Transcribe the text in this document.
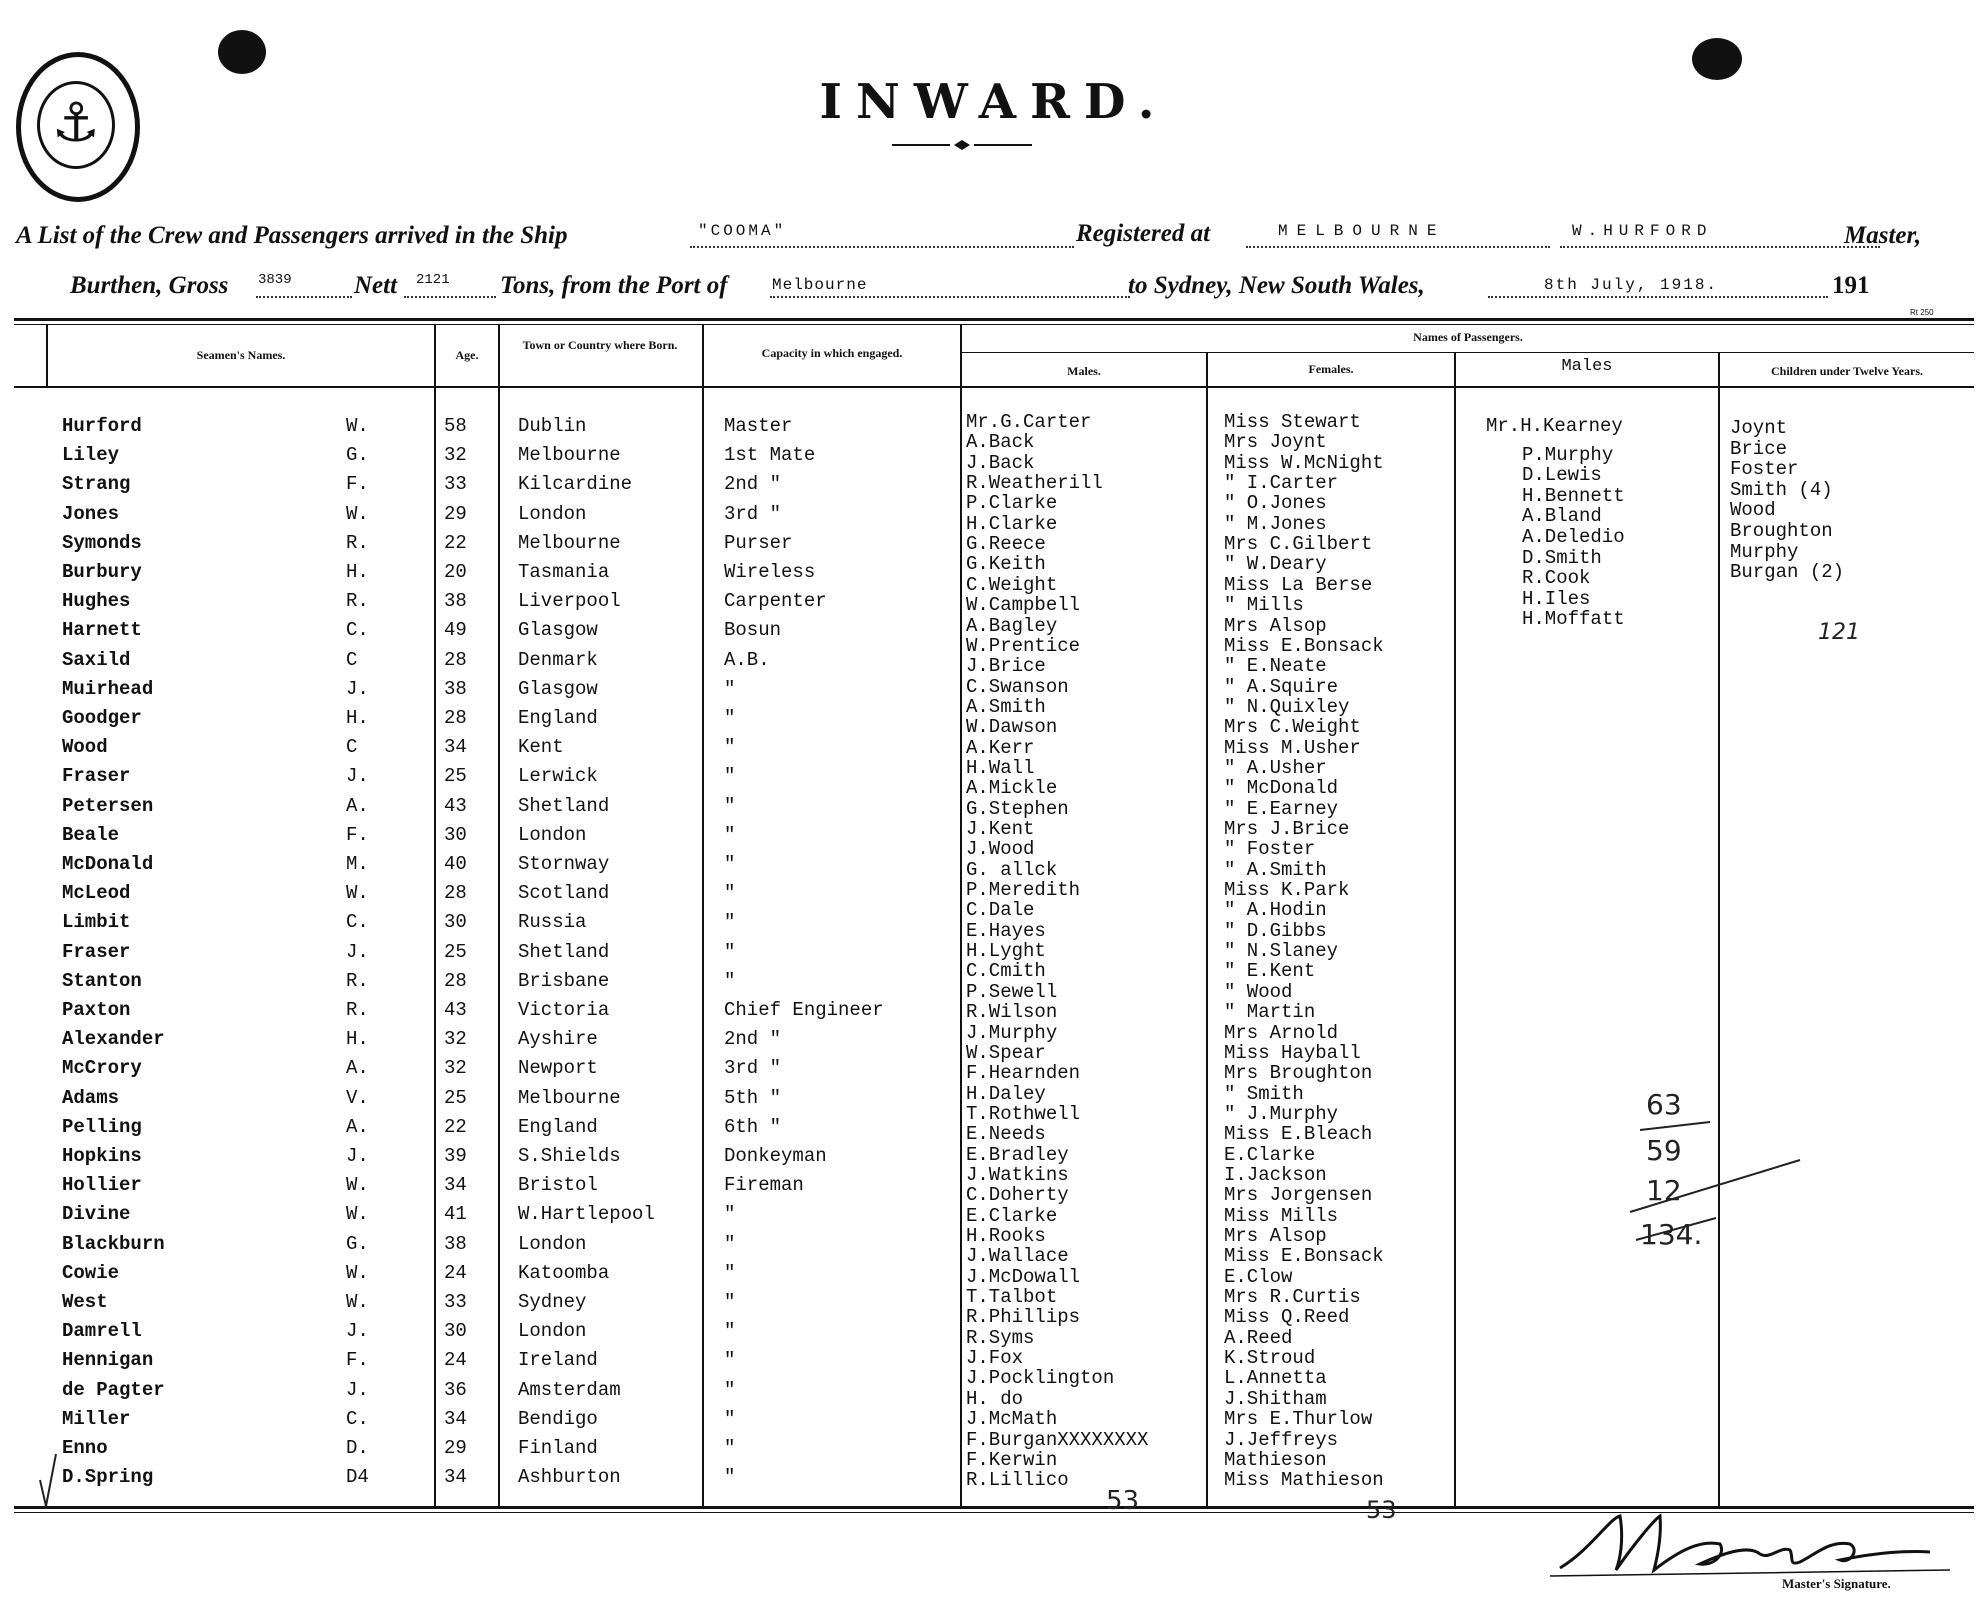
⚓	INWARD.
A List of the Crew and Passengers arrived in the Ship	"COOMA"	Registered at	MELBOURNE	W.HURFORD	Master,
Burthen, Gross 3839 Nett 2121 Tons, from the Port of	Melbourne	to Sydney, New South Wales,	8th July, 1918.	191
Rt 250
Seamen's Names.	Age.
Town or Country where Born.
Capacity in which engaged.
Names of Passengers.
Males.	Females.	Males	Children under Twelve Years.
Hurford	W.	58	Dublin	Master
Liley	G.	32	Melbourne	1st Mate
Strang	F.	33	Kilcardine	2nd "
Jones	W.	29	London	3rd "
Symonds	R.	22	Melbourne	Purser
Burbury	H.	20	Tasmania	Wireless
Hughes	R.	38	Liverpool	Carpenter
Harnett	C.	49	Glasgow	Bosun
Saxild	C	28	Denmark	A.B.
Muirhead	J.	38	Glasgow	"
Goodger	H.	28	England	"
Wood	C	34	Kent	"
Fraser	J.	25	Lerwick	"
Petersen	A.	43	Shetland	"
Beale	F.	30	London	"
McDonald	M.	40	Stornway	"
McLeod	W.	28	Scotland	"
Limbit	C.	30	Russia	"
Fraser	J.	25	Shetland	"
Stanton	R.	28	Brisbane	"
Paxton	R.	43	Victoria	Chief Engineer
Alexander	H.	32	Ayshire	2nd "
McCrory	A.	32	Newport	3rd "
Adams	V.	25	Melbourne	5th "
Pelling	A.	22	England	6th "
Hopkins	J.	39	S.Shields	Donkeyman
Hollier	W.	34	Bristol	Fireman
Divine	W.	41	W.Hartlepool	"
Blackburn	G.	38	London	"
Cowie	W.	24	Katoomba	"
West	W.	33	Sydney	"
Damrell	J.	30	London	"
Hennigan	F.	24	Ireland	"
de Pagter	J.	36	Amsterdam	"
Miller	C.	34	Bendigo	"
Enno	D.	29	Finland	"
D.Spring	D4	34	Ashburton	"
Mr.G.Carter
A.Back
J.Back
R.Weatherill
P.Clarke
H.Clarke
G.Reece
G.Keith
C.Weight
W.Campbell
A.Bagley
W.Prentice
J.Brice
C.Swanson
A.Smith
W.Dawson
A.Kerr
H.Wall
A.Mickle
G.Stephen
J.Kent
J.Wood
G. allck
P.Meredith
C.Dale
E.Hayes
H.Lyght
C.Cmith
P.Sewell
R.Wilson
J.Murphy
W.Spear
F.Hearnden
H.Daley
T.Rothwell
E.Needs
E.Bradley
J.Watkins
C.Doherty
E.Clarke
H.Rooks
J.Wallace
J.McDowall
T.Talbot
R.Phillips
R.Syms
J.Fox
J.Pocklington
H. do
J.McMath
F.BurganXXXXXXXX
F.Kerwin
R.Lillico
Miss Stewart
Mrs Joynt
Miss W.McNight
" I.Carter
" O.Jones
" M.Jones
Mrs C.Gilbert
" W.Deary
Miss La Berse
" Mills
Mrs Alsop
Miss E.Bonsack
" E.Neate
" A.Squire
" N.Quixley
Mrs C.Weight
Miss M.Usher
" A.Usher
" McDonald
" E.Earney
Mrs J.Brice
" Foster
" A.Smith
Miss K.Park
" A.Hodin
" D.Gibbs
" N.Slaney
" E.Kent
" Wood
" Martin
Mrs Arnold
Miss Hayball
Mrs Broughton
" Smith
" J.Murphy
Miss E.Bleach
E.Clarke
I.Jackson
Mrs Jorgensen
Miss Mills
Mrs Alsop
Miss E.Bonsack
E.Clow
Mrs R.Curtis
Miss Q.Reed
A.Reed
K.Stroud
L.Annetta
J.Shitham
Mrs E.Thurlow
J.Jeffreys
Mathieson
Miss Mathieson
Mr.H.Kearney
P.Murphy
D.Lewis
H.Bennett
A.Bland
A.Deledio
D.Smith
R.Cook
H.Iles
H.Moffatt
Joynt
Brice
Foster
Smith (4)
Wood
Broughton
Murphy
Burgan (2)
53	53
121
63
59
12
134.
Master's Signature.
